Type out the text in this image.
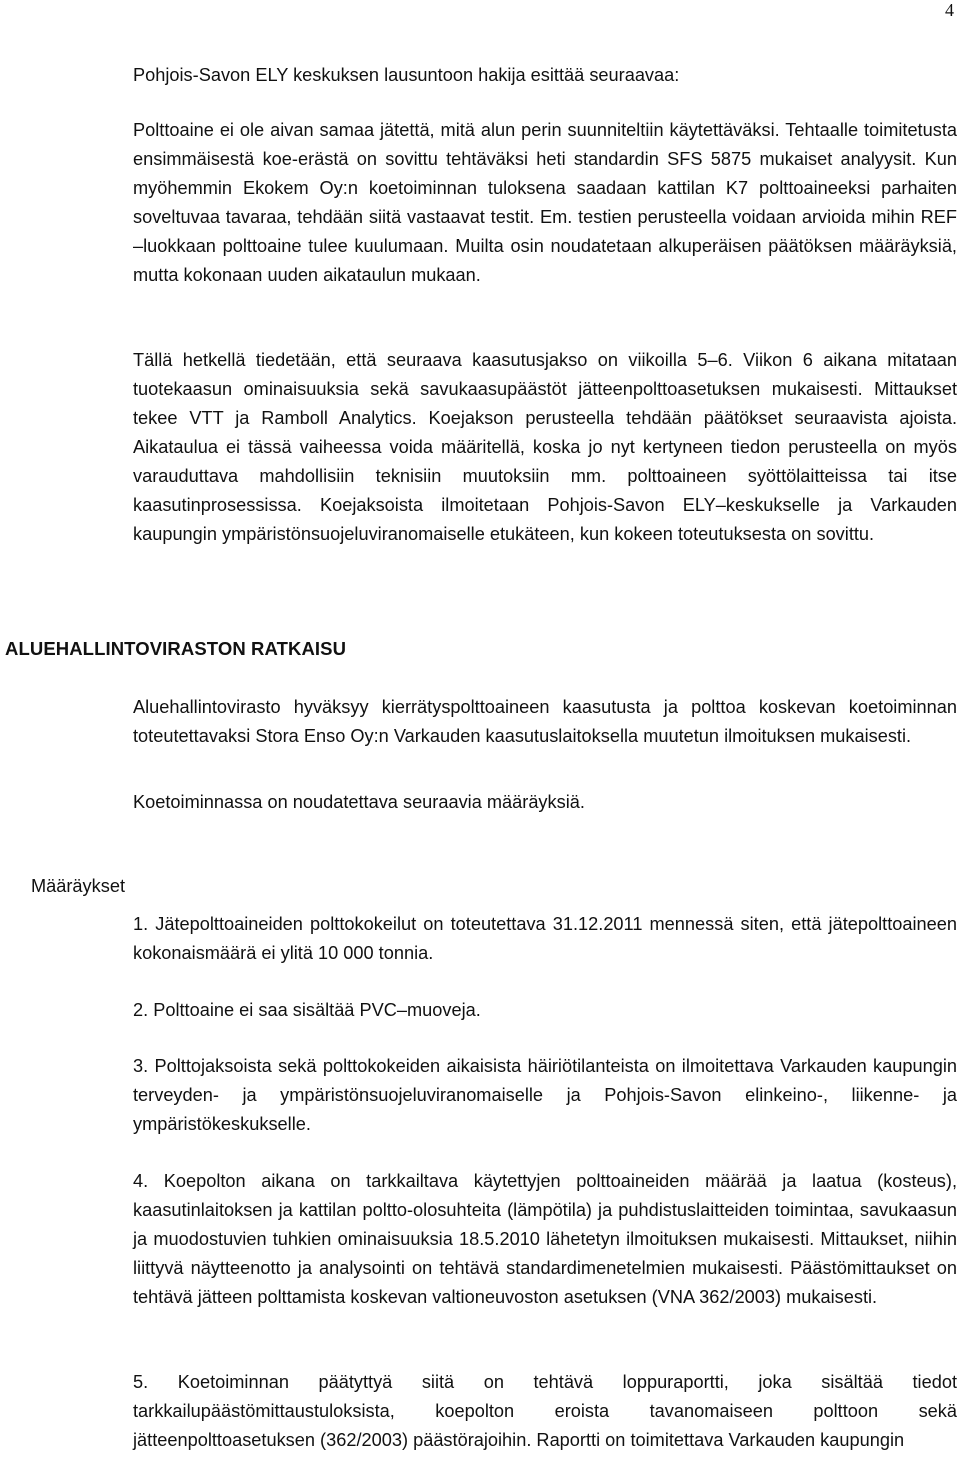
4

Pohjois-Savon ELY keskuksen lausuntoon hakija esittää seuraavaa:

Polttoaine ei ole aivan samaa jätettä, mitä alun perin suunniteltiin käytettäväksi. Tehtaalle toimitetusta ensimmäisestä koe-erästä on sovittu tehtäväksi heti standardin SFS 5875 mukaiset analyysit. Kun myöhemmin Ekokem Oy:n koetoiminnan tuloksena saadaan kattilan K7 polttoaineeksi parhaiten soveltuvaa tavaraa, tehdään siitä vastaavat testit. Em. testien perusteella voidaan arvioida mihin REF –luokkaan polttoaine tulee kuulumaan. Muilta osin noudatetaan alkuperäisen päätöksen määräyksiä, mutta kokonaan uuden aikataulun mukaan.

Tällä hetkellä tiedetään, että seuraava kaasutusjakso on viikoilla 5–6. Viikon 6 aikana mitataan tuotekaasun ominaisuuksia sekä savukaasupäästöt jätteenpolttoasetuksen mukaisesti. Mittaukset tekee VTT ja Ramboll Analytics. Koejakson perusteella tehdään päätökset seuraavista ajoista. Aikataulua ei tässä vaiheessa voida määritellä, koska jo nyt kertyneen tiedon perusteella on myös varauduttava mahdollisiin teknisiin muutoksiin mm. polttoaineen syöttölaitteissa tai itse kaasutinprosessissa. Koejaksoista ilmoitetaan Pohjois-Savon ELY–keskukselle ja Varkauden kaupungin ympäristönsuojeluviranomaiselle etukäteen, kun kokeen toteutuksesta on sovittu.

ALUEHALLINTOVIRASTON RATKAISU

Aluehallintovirasto hyväksyy kierrätyspolttoaineen kaasutusta ja polttoa koskevan koetoiminnan toteutettavaksi Stora Enso Oy:n Varkauden kaasutuslaitoksella muutetun ilmoituksen mukaisesti.

Koetoiminnassa on noudatettava seuraavia määräyksiä.

Määräykset

1. Jätepolttoaineiden polttokokeilut on toteutettava 31.12.2011 mennessä siten, että jätepolttoaineen kokonaismäärä ei ylitä 10 000 tonnia.

2. Polttoaine ei saa sisältää PVC–muoveja.

3. Polttojaksoista sekä polttokokeiden aikaisista häiriötilanteista on ilmoitettava Varkauden kaupungin terveyden- ja ympäristönsuojeluviranomaiselle ja Pohjois-Savon elinkeino-, liikenne- ja ympäristökeskukselle.

4. Koepolton aikana on tarkkailtava käytettyjen polttoaineiden määrää ja laatua (kosteus), kaasutinlaitoksen ja kattilan poltto-olosuhteita (lämpötila) ja puhdistuslaitteiden toimintaa, savukaasun ja muodostuvien tuhkien ominaisuuksia 18.5.2010 lähetetyn ilmoituksen mukaisesti. Mittaukset, niihin liittyvä näytteenotto ja analysointi on tehtävä standardimenetelmien mukaisesti. Päästömittaukset on tehtävä jätteen polttamista koskevan valtioneuvoston asetuksen (VNA 362/2003) mukaisesti.

5. Koetoiminnan päätyttyä siitä on tehtävä loppuraportti, joka sisältää tiedot tarkkailupäästömittaustuloksista, koepolton eroista tavanomaiseen polttoon sekä jätteenpolttoasetuksen (362/2003) päästörajoihin. Raportti on toimitettava Varkauden kaupungin
